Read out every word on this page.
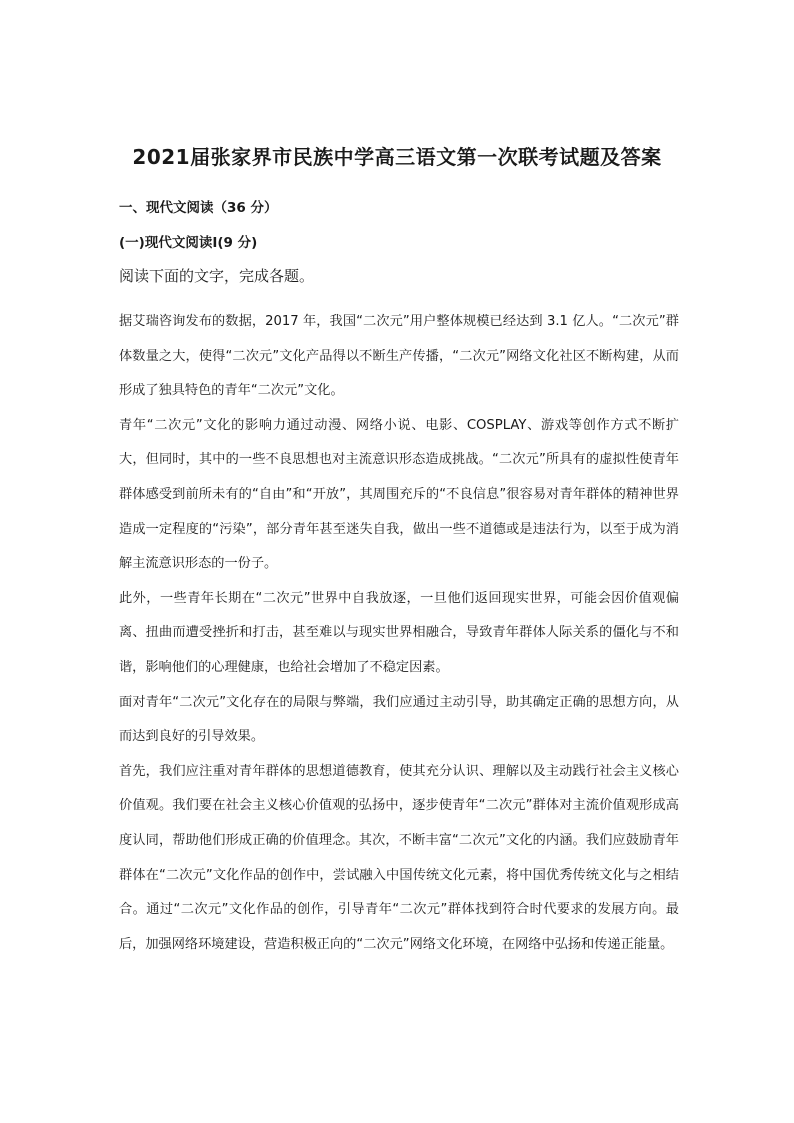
2021届张家界市民族中学高三语文第一次联考试题及答案

一、现代文阅读（36 分）

(一)现代文阅读I(9 分)

阅读下面的文字，完成各题。

据艾瑞咨询发布的数据，2017 年，我国“二次元”用户整体规模已经达到 3.1 亿人。“二次元”群体数量之大，使得“二次元”文化产品得以不断生产传播，“二次元”网络文化社区不断构建，从而形成了独具特色的青年“二次元”文化。

青年“二次元”文化的影响力通过动漫、网络小说、电影、COSPLAY、游戏等创作方式不断扩大，但同时，其中的一些不良思想也对主流意识形态造成挑战。“二次元”所具有的虚拟性使青年群体感受到前所未有的“自由”和“开放”，其周围充斥的“不良信息”很容易对青年群体的精神世界造成一定程度的“污染”，部分青年甚至迷失自我，做出一些不道德或是违法行为，以至于成为消解主流意识形态的一份子。

此外，一些青年长期在“二次元”世界中自我放逐，一旦他们返回现实世界，可能会因价值观偏离、扭曲而遭受挫折和打击，甚至难以与现实世界相融合，导致青年群体人际关系的僵化与不和谐，影响他们的心理健康，也给社会增加了不稳定因素。

面对青年“二次元”文化存在的局限与弊端，我们应通过主动引导，助其确定正确的思想方向，从而达到良好的引导效果。

首先，我们应注重对青年群体的思想道德教育，使其充分认识、理解以及主动践行社会主义核心价值观。我们要在社会主义核心价值观的弘扬中，逐步使青年“二次元”群体对主流价值观形成高度认同，帮助他们形成正确的价值理念。其次，不断丰富“二次元”文化的内涵。我们应鼓励青年群体在“二次元”文化作品的创作中，尝试融入中国传统文化元素，将中国优秀传统文化与之相结合。通过“二次元”文化作品的创作，引导青年“二次元”群体找到符合时代要求的发展方向。最后，加强网络环境建设，营造积极正向的“二次元”网络文化环境，在网络中弘扬和传递正能量。
